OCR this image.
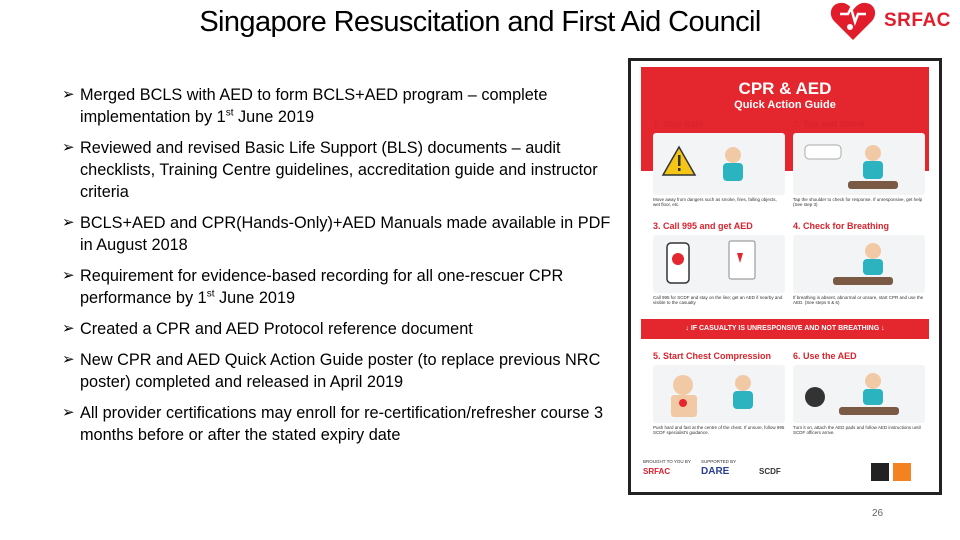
Singapore Resuscitation and First Aid Council	SRFAC
➢ Merged BCLS with AED to form BCLS+AED program – complete implementation by 1st June 2019
➢ Reviewed and revised Basic Life Support (BLS) documents – audit checklists, Training Centre guidelines, accreditation guide and instructor criteria
➢ BCLS+AED and CPR(Hands-Only)+AED Manuals made available in PDF in August 2018
➢ Requirement for evidence-based recording for all one-rescuer CPR performance by 1st June 2019
➢ Created a CPR and AED Protocol reference document
➢ New CPR and AED Quick Action Guide poster (to replace previous NRC poster) completed and released in April 2019
➢ All provider certifications may enroll for re-certification/refresher course 3 months before or after the stated expiry date
CPR & AED
Quick Action Guide
1. Stay Safe	2. Tap and Shout
Move away from dangers such as smoke, fires, falling objects, wet floor, etc.
Tap the shoulder to check for response. If unresponsive, get help (See step 3)
3. Call 995 and get AED	4. Check for Breathing
Call 995 for SCDF and stay on the line; get an AED if nearby and visible to the casualty
If breathing is absent, abnormal or unsure, start CPR and use the AED. (See steps 5 & 6)
↓ IF CASUALTY IS UNRESPONSIVE AND NOT BREATHING ↓
5. Start Chest Compression 6. Use the AED
Push hard and fast at the centre of the chest. If unsure, follow 995 SCDF specialist's guidance.
Turn it on, attach the AED pads and follow AED instructions until SCDF officers arrive.
BROUGHT TO YOU BY SUPPORTED BY
SRFAC	DARE	SCDF
26
